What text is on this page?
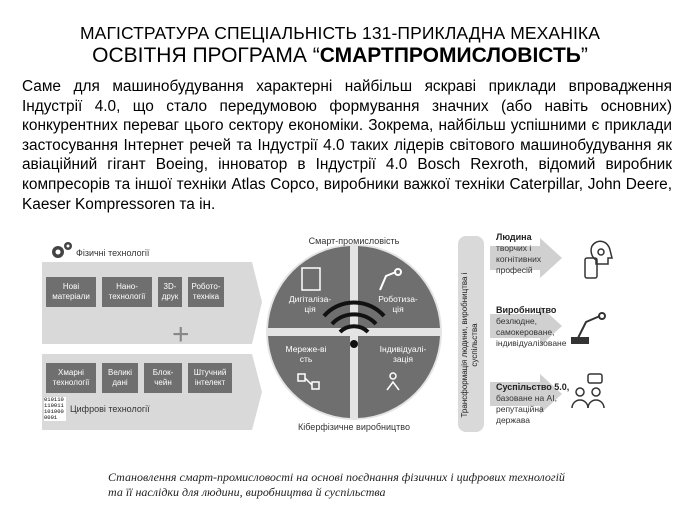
МАГІСТРАТУРА СПЕЦІАЛЬНІСТЬ 131-ПРИКЛАДНА МЕХАНІКА
ОСВІТНЯ ПРОГРАМА “СМАРТПРОМИСЛОВІСТЬ”
Саме для машинобудування характерні найбільш яскраві приклади впровадження Індустрії 4.0, що стало передумовою формування значних (або навіть основних) конкурентних переваг цього сектору економіки. Зокрема, найбільш успішними є приклади застосування Інтернет речей та Індустрії 4.0 таких лідерів світового машинобудування як авіаційний гігант Boeing, інноватор в Індустрії 4.0 Bosch Rexroth, відомий виробник компресорів та іншої техніки Atlas Copco, виробники важкої техніки Caterpillar, John Deere, Kaeser Kompressoren та ін.
+
Фізичні технології
Нові матеріали
Нано-технології
3D-друк
Робото-техніка
Хмарні технології
Великі дані
Блок-чейн
Штучний інтелект
010110 110011 101000 0001
Цифрові технології
Смарт-промисловість
Кіберфізичне виробництво
Дигіталіза-ція
Роботиза-ція
Мереже-вість
Індивідуалі-зація	Трансформація людини, виробництва і суспільства
Людина
творчих і
когнітивних
професій
Виробництво
безлюдне,
самокероване,
індивідуалізоване
Суспільство 5.0,
базоване на AI,
репутаційна
держава
Становлення смарт-промисловості на основі поєднання фізичних і цифрових технологій
та її наслідки для людини, виробництва й суспільства
